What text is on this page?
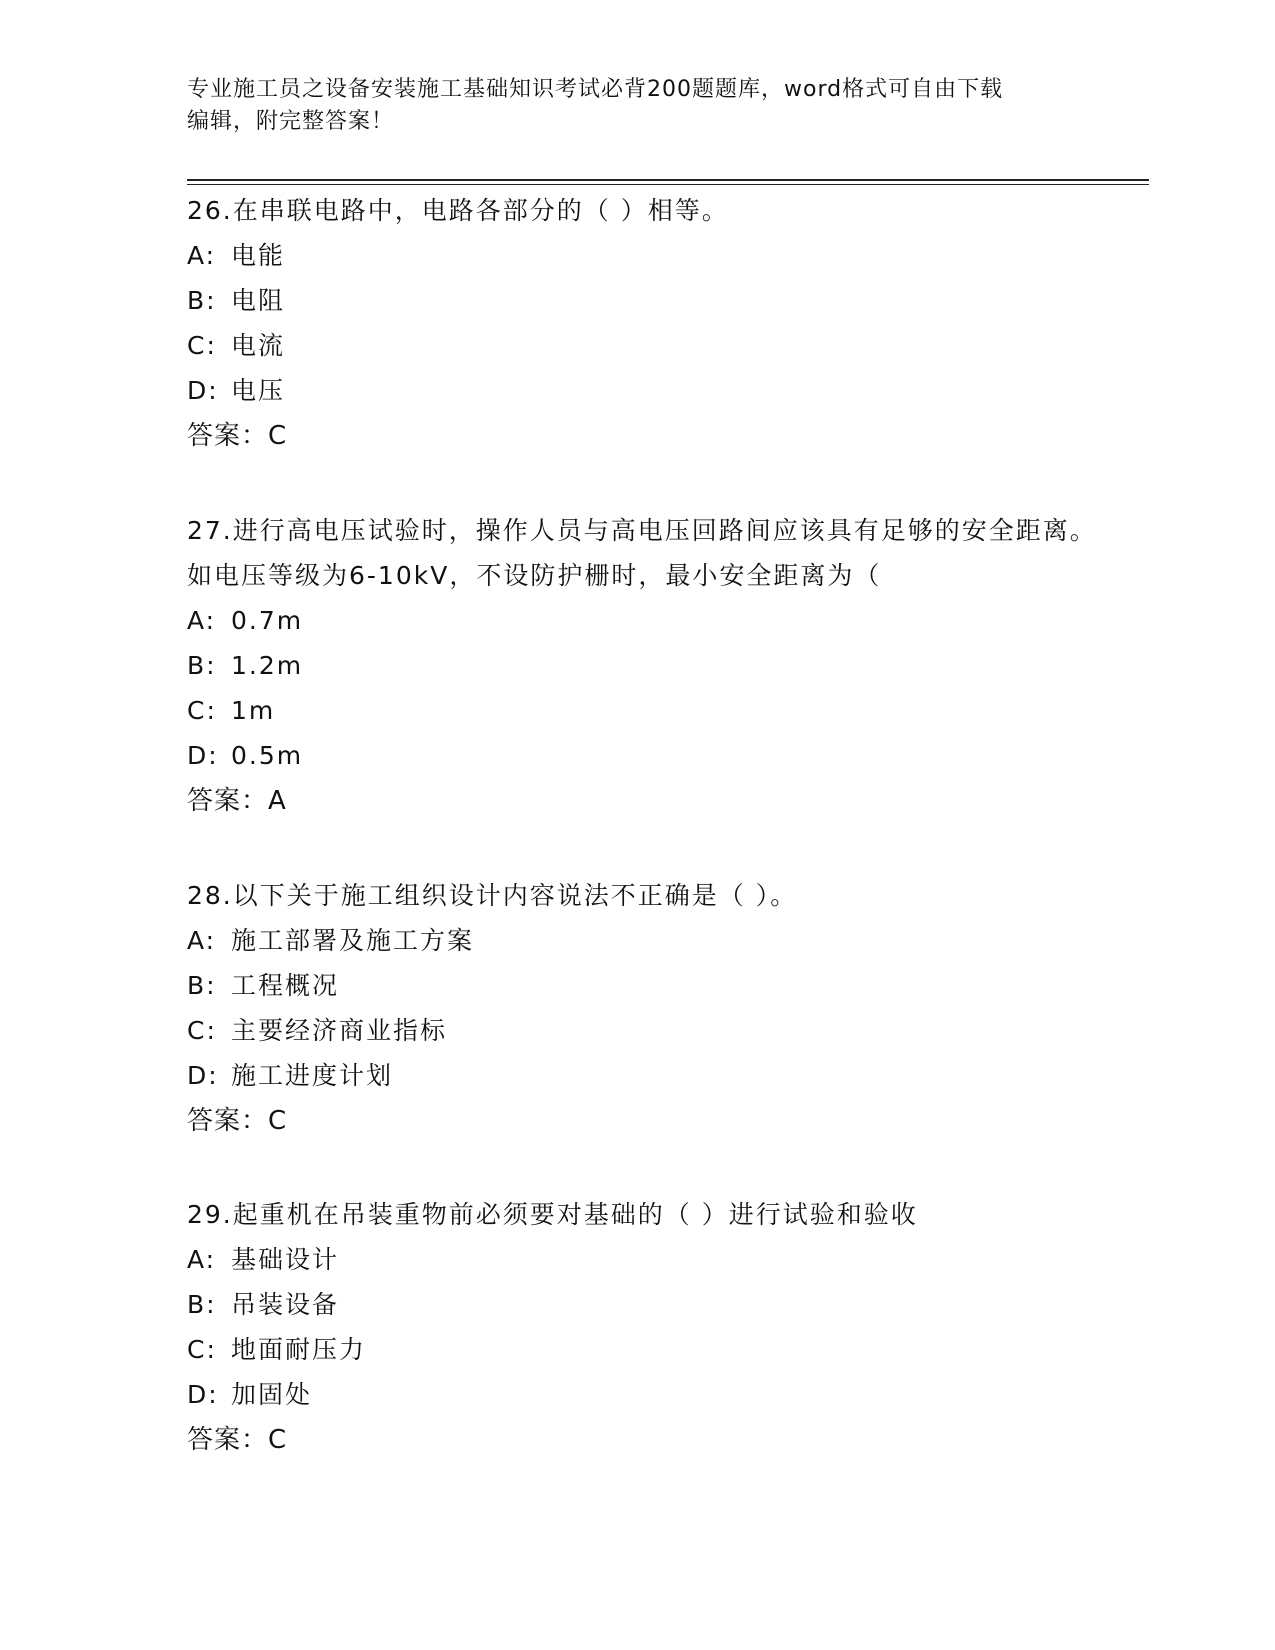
专业施工员之设备安装施工基础知识考试必背200题题库，word格式可自由下载
编辑，附完整答案！

26.在串联电路中，电路各部分的（ ）相等。

A: 电能

B: 电阻

C: 电流

D: 电压

答案：C

27.进行高电压试验时，操作人员与高电压回路间应该具有足够的安全距离。如电压等级为6-10kV，不设防护栅时，最小安全距离为（

A: 0.7m

B: 1.2m

C: 1m

D: 0.5m

答案：A

28.以下关于施工组织设计内容说法不正确是（ ）。

A: 施工部署及施工方案

B: 工程概况

C: 主要经济商业指标

D: 施工进度计划

答案：C

29.起重机在吊装重物前必须要对基础的（ ）进行试验和验收

A: 基础设计

B: 吊装设备

C: 地面耐压力

D: 加固处

答案：C
